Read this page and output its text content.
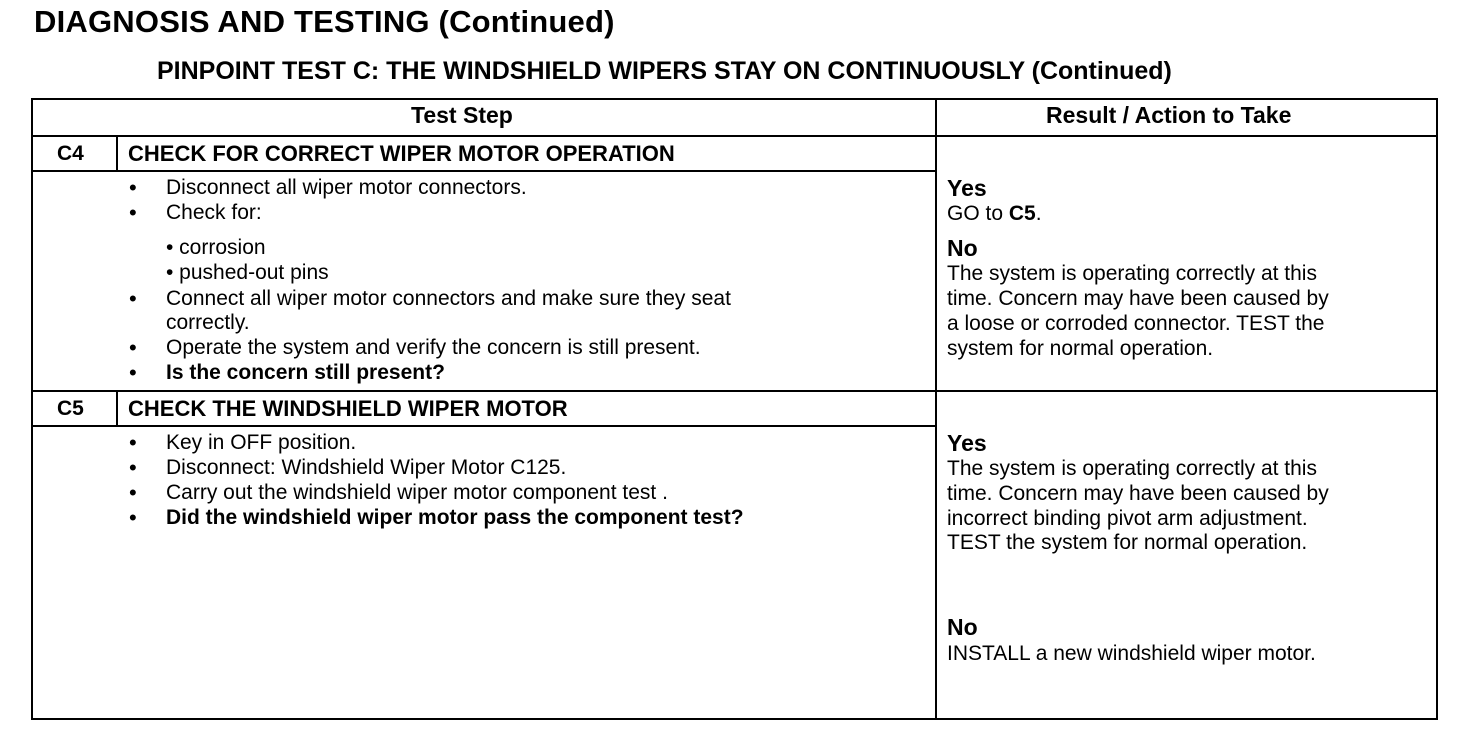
DIAGNOSIS AND TESTING (Continued)
PINPOINT TEST C: THE WINDSHIELD WIPERS STAY ON CONTINUOUSLY (Continued)
Test Step	Result / Action to Take
C4 CHECK FOR CORRECT WIPER MOTOR OPERATION
• Disconnect all wiper motor connectors.
• Check for:
• corrosion
• pushed-out pins
• Connect all wiper motor connectors and make sure they seat
correctly.
• Operate the system and verify the concern is still present.
• Is the concern still present?
Yes
GO to C5.
No
The system is operating correctly at this
time. Concern may have been caused by
a loose or corroded connector. TEST the
system for normal operation.
C5 CHECK THE WINDSHIELD WIPER MOTOR
• Key in OFF position.
• Disconnect: Windshield Wiper Motor C125.
• Carry out the windshield wiper motor component test .
• Did the windshield wiper motor pass the component test?
Yes
The system is operating correctly at this
time. Concern may have been caused by
incorrect binding pivot arm adjustment.
TEST the system for normal operation.
No
INSTALL a new windshield wiper motor.
